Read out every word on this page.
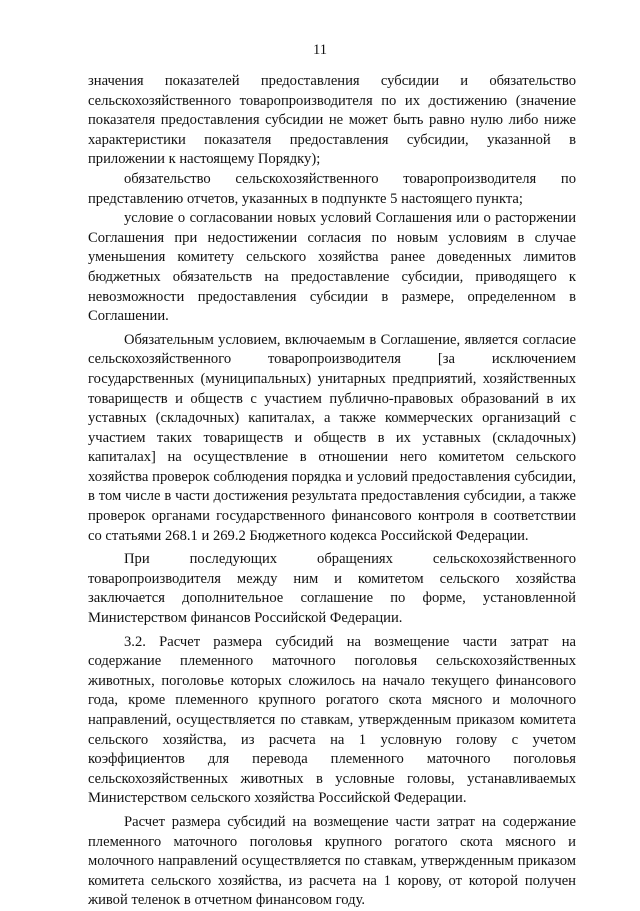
11

значения показателей предоставления субсидии и обязательство сельскохозяйственного товаропроизводителя по их достижению (значение показателя предоставления субсидии не может быть равно нулю либо ниже характеристики показателя предоставления субсидии, указанной в приложении к настоящему Порядку);

обязательство сельскохозяйственного товаропроизводителя по представлению отчетов, указанных в подпункте 5 настоящего пункта;

условие о согласовании новых условий Соглашения или о расторжении Соглашения при недостижении согласия по новым условиям в случае уменьшения комитету сельского хозяйства ранее доведенных лимитов бюджетных обязательств на предоставление субсидии, приводящего к невозможности предоставления субсидии в размере, определенном в Соглашении.

Обязательным условием, включаемым в Соглашение, является согласие сельскохозяйственного товаропроизводителя [за исключением государственных (муниципальных) унитарных предприятий, хозяйственных товариществ и обществ с участием публично-правовых образований в их уставных (складочных) капиталах, а также коммерческих организаций с участием таких товариществ и обществ в их уставных (складочных) капиталах] на осуществление в отношении него комитетом сельского хозяйства проверок соблюдения порядка и условий предоставления субсидии, в том числе в части достижения результата предоставления субсидии, а также проверок органами государственного финансового контроля в соответствии со статьями 268.1 и 269.2 Бюджетного кодекса Российской Федерации.

При последующих обращениях сельскохозяйственного товаропроизводителя между ним и комитетом сельского хозяйства заключается дополнительное соглашение по форме, установленной Министерством финансов Российской Федерации.

3.2. Расчет размера субсидий на возмещение части затрат на содержание племенного маточного поголовья сельскохозяйственных животных, поголовье которых сложилось на начало текущего финансового года, кроме племенного крупного рогатого скота мясного и молочного направлений, осуществляется по ставкам, утвержденным приказом комитета сельского хозяйства, из расчета на 1 условную голову с учетом коэффициентов для перевода племенного маточного поголовья сельскохозяйственных животных в условные головы, устанавливаемых Министерством сельского хозяйства Российской Федерации.

Расчет размера субсидий на возмещение части затрат на содержание племенного маточного поголовья крупного рогатого скота мясного и молочного направлений осуществляется по ставкам, утвержденным приказом комитета сельского хозяйства, из расчета на 1 корову, от которой получен живой теленок в отчетном финансовом году.
